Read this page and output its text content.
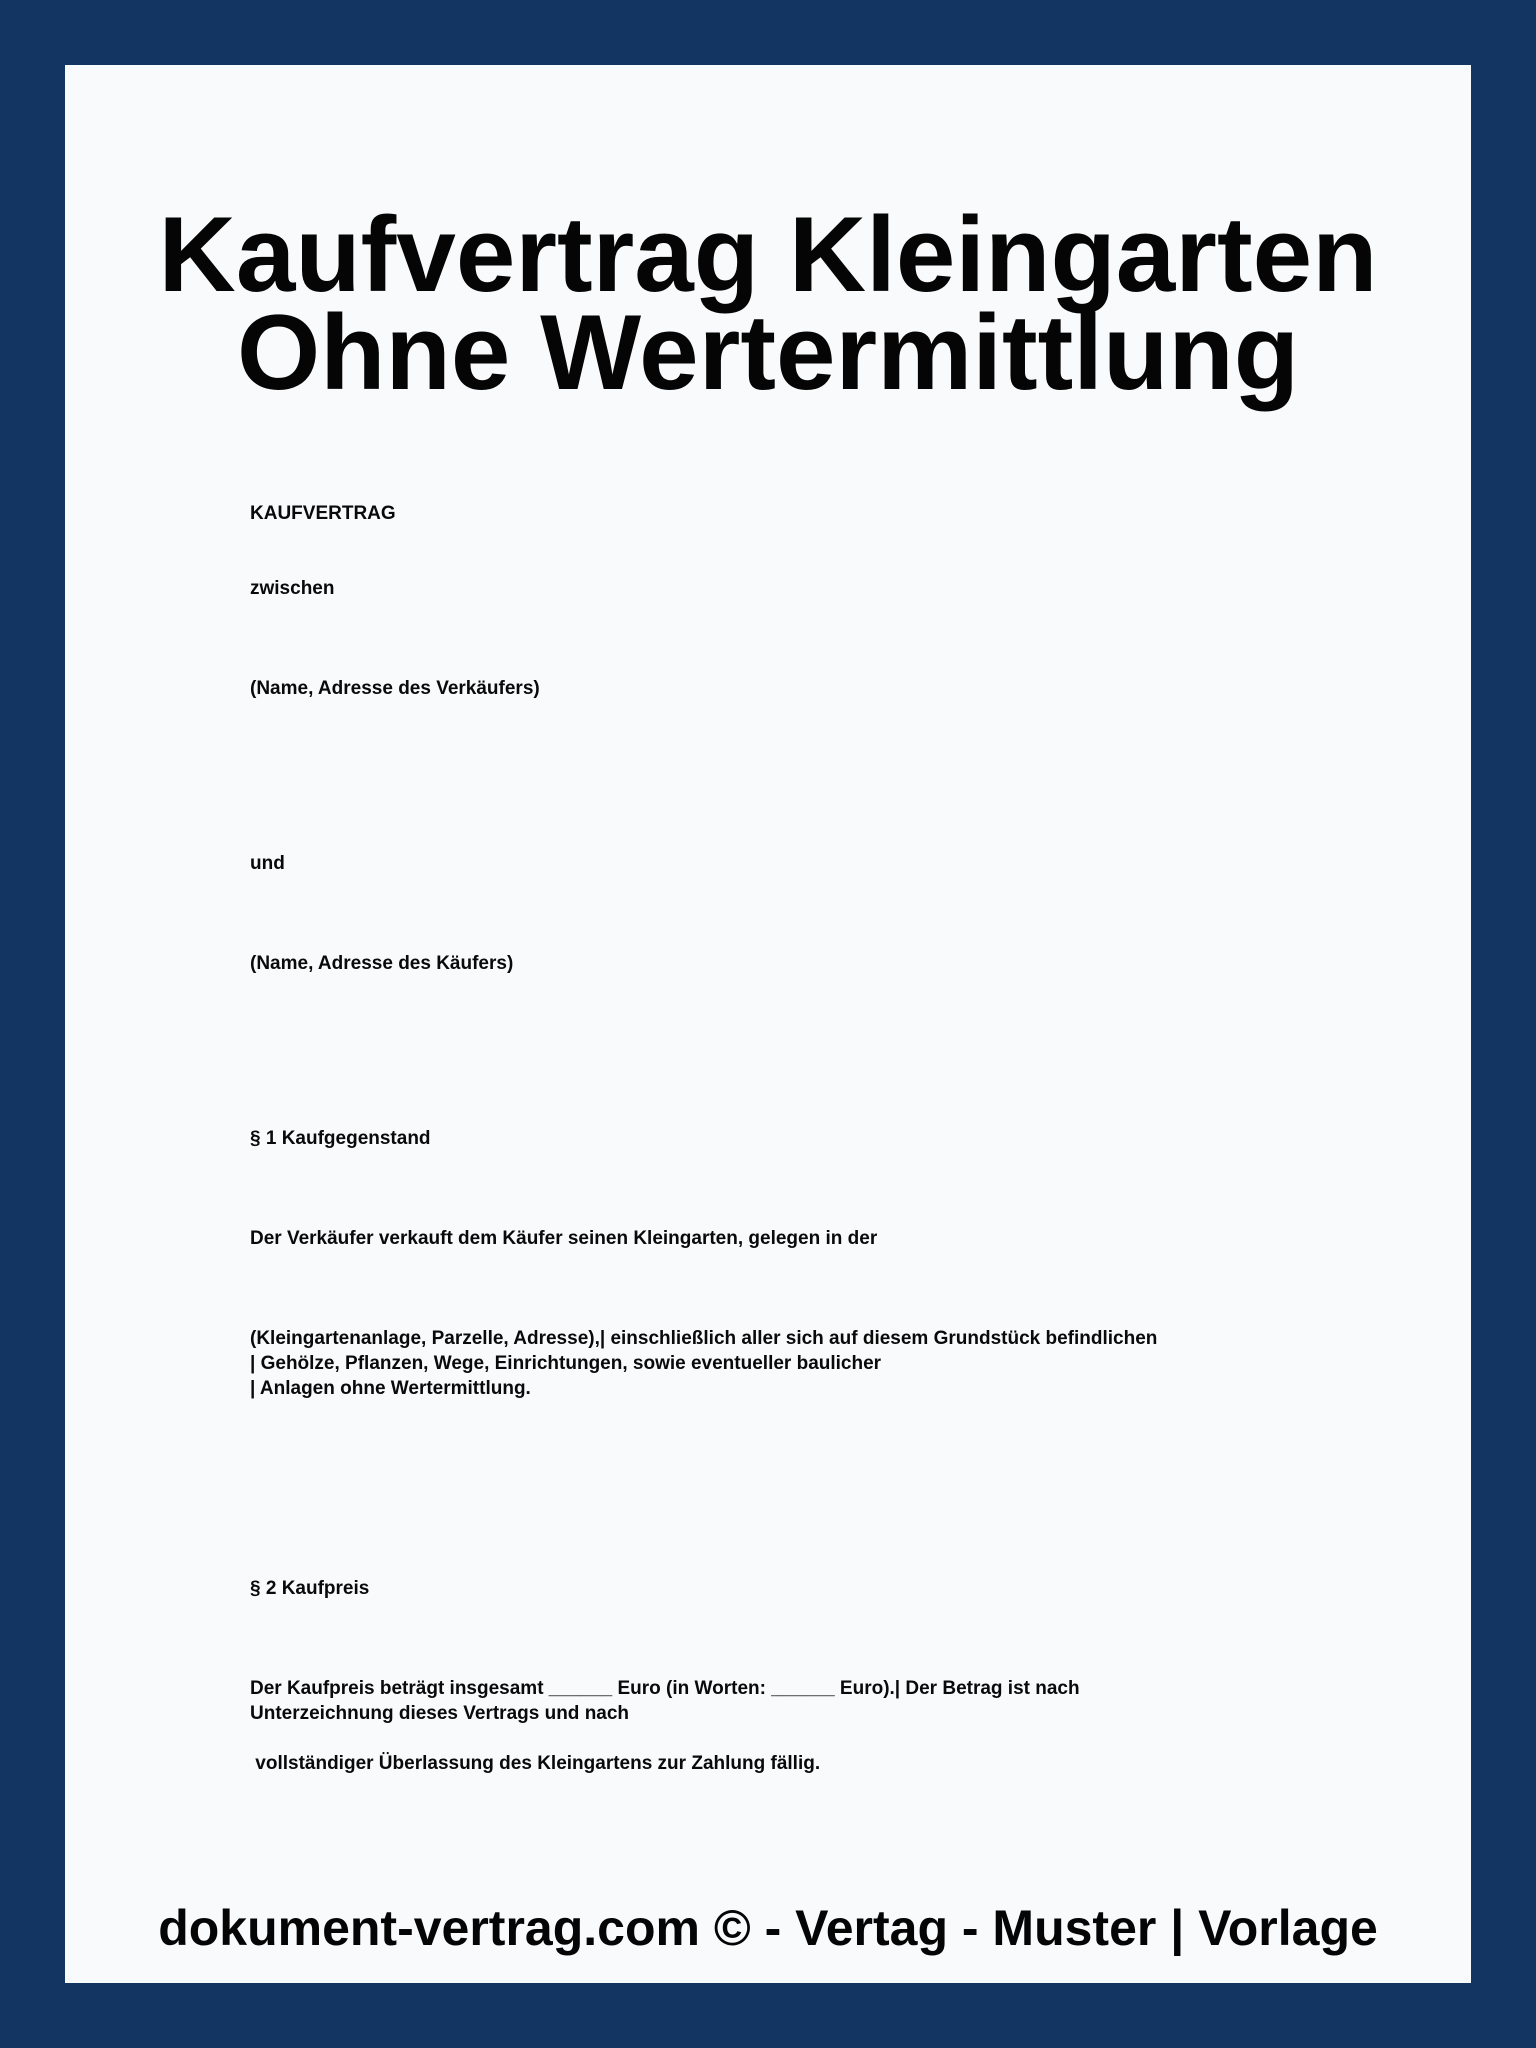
Kaufvertrag Kleingarten
Ohne Wertermittlung

KAUFVERTRAG

zwischen

(Name, Adresse des Verkäufers)

und

(Name, Adresse des Käufers)

§ 1 Kaufgegenstand

Der Verkäufer verkauft dem Käufer seinen Kleingarten, gelegen in der

(Kleingartenanlage, Parzelle, Adresse),| einschließlich aller sich auf diesem Grundstück befindlichen

| Gehölze, Pflanzen, Wege, Einrichtungen, sowie eventueller baulicher

| Anlagen ohne Wertermittlung.

§ 2 Kaufpreis

Der Kaufpreis beträgt insgesamt ______ Euro (in Worten: ______ Euro).| Der Betrag ist nach

Unterzeichnung dieses Vertrags und nach

vollständiger Überlassung des Kleingartens zur Zahlung fällig.

dokument-vertrag.com © - Vertag - Muster | Vorlage
